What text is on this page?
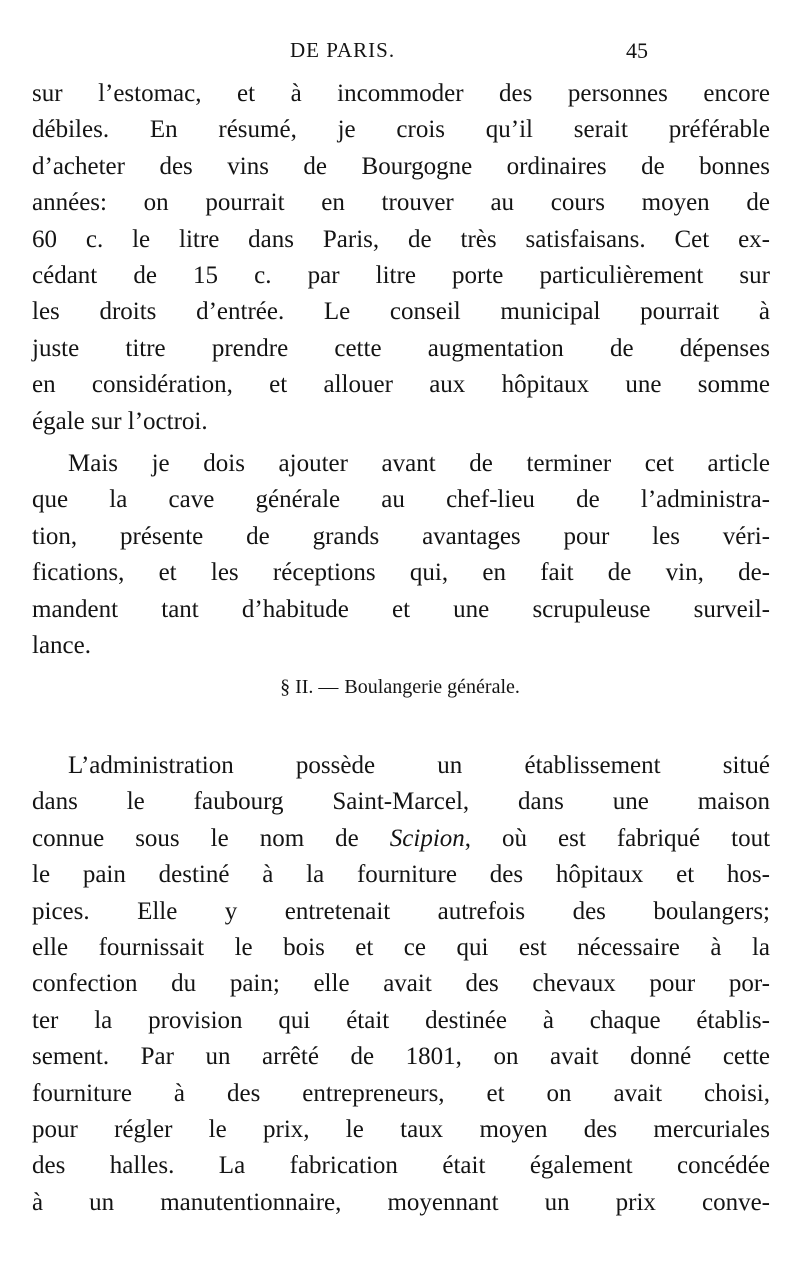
DE PARIS.	45
sur l’estomac, et à incommoder des personnes encore
débiles. En résumé, je crois qu’il serait préférable
d’acheter des vins de Bourgogne ordinaires de bonnes
années: on pourrait en trouver au cours moyen de
60 c. le litre dans Paris, de très satisfaisans. Cet ex-
cédant de 15 c. par litre porte particulièrement sur
les droits d’entrée. Le conseil municipal pourrait à
juste titre prendre cette augmentation de dépenses
en considération, et allouer aux hôpitaux une somme
égale sur l’octroi.
Mais je dois ajouter avant de terminer cet article
que la cave générale au chef-lieu de l’administra-
tion, présente de grands avantages pour les véri-
fications, et les réceptions qui, en fait de vin, de-
mandent tant d’habitude et une scrupuleuse surveil-
lance.
§ II. — Boulangerie générale.
L’administration possède un établissement situé
dans le faubourg Saint-Marcel, dans une maison
connue sous le nom de Scipion, où est fabriqué tout
le pain destiné à la fourniture des hôpitaux et hos-
pices. Elle y entretenait autrefois des boulangers;
elle fournissait le bois et ce qui est nécessaire à la
confection du pain; elle avait des chevaux pour por-
ter la provision qui était destinée à chaque établis-
sement. Par un arrêté de 1801, on avait donné cette
fourniture à des entrepreneurs, et on avait choisi,
pour régler le prix, le taux moyen des mercuriales
des halles. La fabrication était également concédée
à un manutentionnaire, moyennant un prix conve-
